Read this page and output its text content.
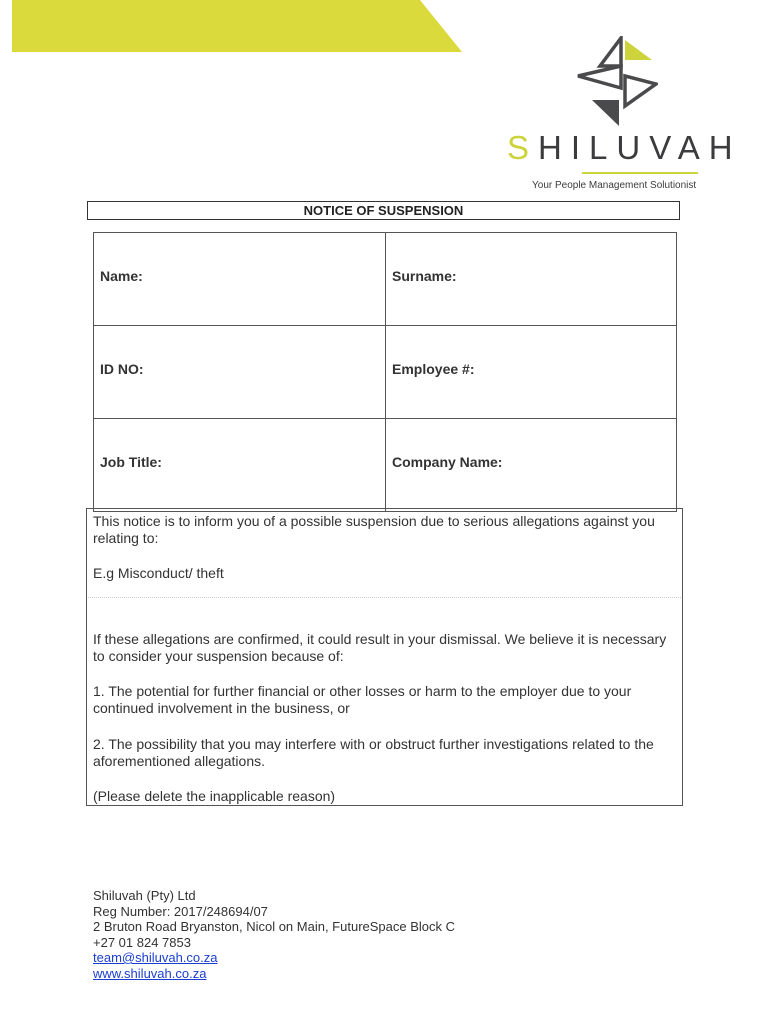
SHILUVAH
Your People Management Solutionist
NOTICE OF SUSPENSION
Name:	Surname:
ID NO:	Employee #:
Job Title:	Company Name:

This notice is to inform you of a possible suspension due to serious allegations against you relating to:

E.g Misconduct/ theft

If these allegations are confirmed, it could result in your dismissal. We believe it is necessary to consider your suspension because of:

1. The potential for further financial or other losses or harm to the employer due to your continued involvement in the business, or

2. The possibility that you may interfere with or obstruct further investigations related to the aforementioned allegations.

(Please delete the inapplicable reason)

Shiluvah (Pty) Ltd
Reg Number: 2017/248694/07
2 Bruton Road Bryanston, Nicol on Main, FutureSpace Block C
+27 01 824 7853
team@shiluvah.co.za
www.shiluvah.co.za
